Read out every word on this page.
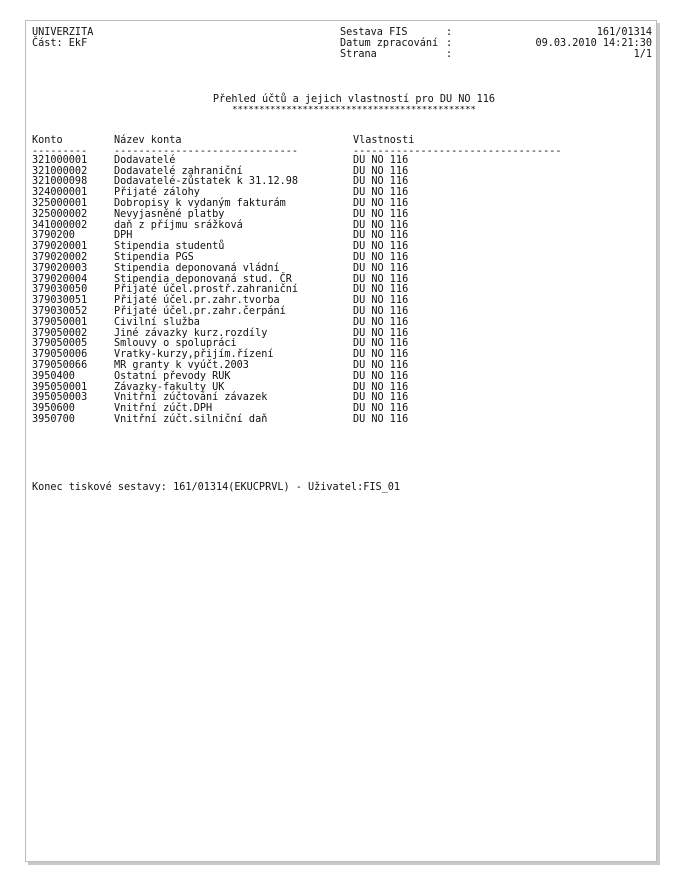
UNIVERZITA	Sestava FIS	:	161/01314
Část: EkF	Datum zpracování :	09.03.2010 14:21:30
Strana	:	1/1
Přehled účtů a jejich vlastností pro DU NO 116
*********************************************
Konto	Název konta	Vlastnosti
---------	------------------------------	----------------------------------
321000001	Dodavatelé	DU NO 116
321000002	Dodavatelé zahraniční	DU NO 116
321000098	Dodavatelé-zůstatek k 31.12.98	DU NO 116
324000001	Přijaté zálohy	DU NO 116
325000001	Dobropisy k vydaným fakturám	DU NO 116
325000002	Nevyjasněné platby	DU NO 116
341000002	daň z příjmu srážková	DU NO 116
3790200	DPH	DU NO 116
379020001	Stipendia studentů	DU NO 116
379020002	Stipendia PGS	DU NO 116
379020003	Stipendia deponovaná vládní	DU NO 116
379020004	Stipendia deponovaná stud. ČR	DU NO 116
379030050	Přijaté účel.prostř.zahraniční	DU NO 116
379030051	Přijaté účel.pr.zahr.tvorba	DU NO 116
379030052	Přijaté účel.pr.zahr.čerpání	DU NO 116
379050001	Civilní služba	DU NO 116
379050002	Jiné závazky kurz.rozdíly	DU NO 116
379050005	Smlouvy o spolupráci	DU NO 116
379050006	Vratky-kurzy,přijím.řízení	DU NO 116
379050066	MR granty k vyúčt.2003	DU NO 116
3950400	Ostatní převody RUK	DU NO 116
395050001	Závazky-fakulty UK	DU NO 116
395050003	Vnitřní zúčtování závazek	DU NO 116
3950600	Vnitřní zúčt.DPH	DU NO 116
3950700	Vnitřní zúčt.silniční daň	DU NO 116
Konec tiskové sestavy: 161/01314(EKUCPRVL) - Uživatel:FIS_01
